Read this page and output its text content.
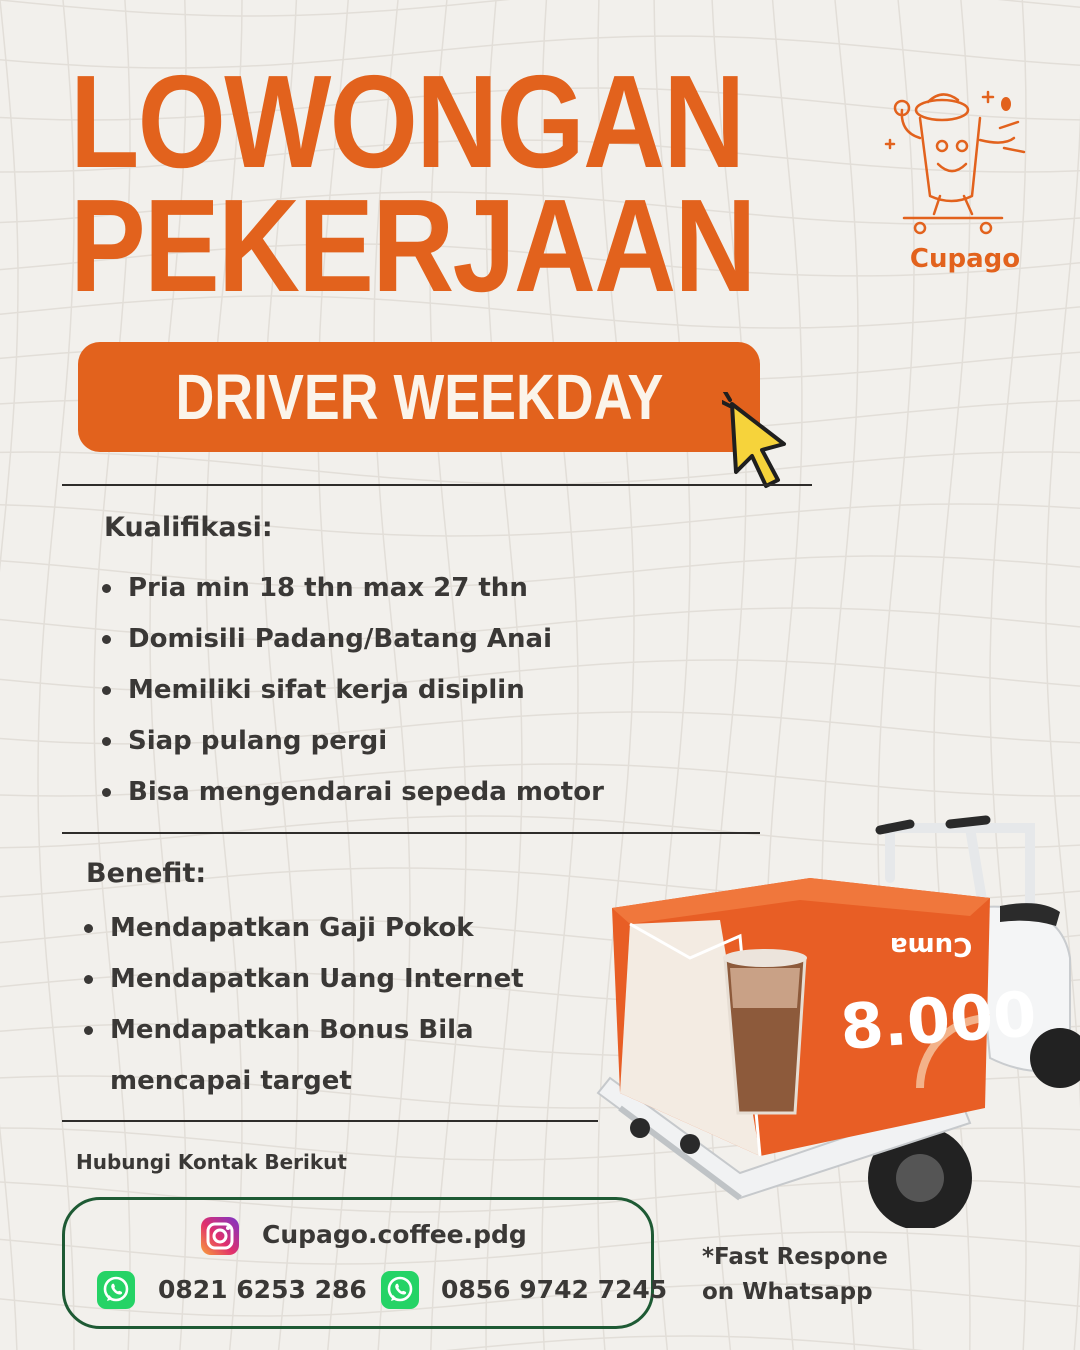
LOWONGAN
PEKERJAAN	Cupago
DRIVER WEEKDAY
Kualifikasi:
Pria min 18 thn max 27 thn
Domisili Padang/Batang Anai
Memiliki sifat kerja disiplin
Siap pulang pergi
Bisa mengendarai sepeda motor
Benefit:
Mendapatkan Gaji Pokok
Mendapatkan Uang Internet
Mendapatkan Bonus Bila
mencapai target
Hubungi Kontak Berikut
Cupago.coffee.pdg
0821 6253 286	0856 9742 7245
*Fast Respone
on Whatsapp
Cuma
8.000
